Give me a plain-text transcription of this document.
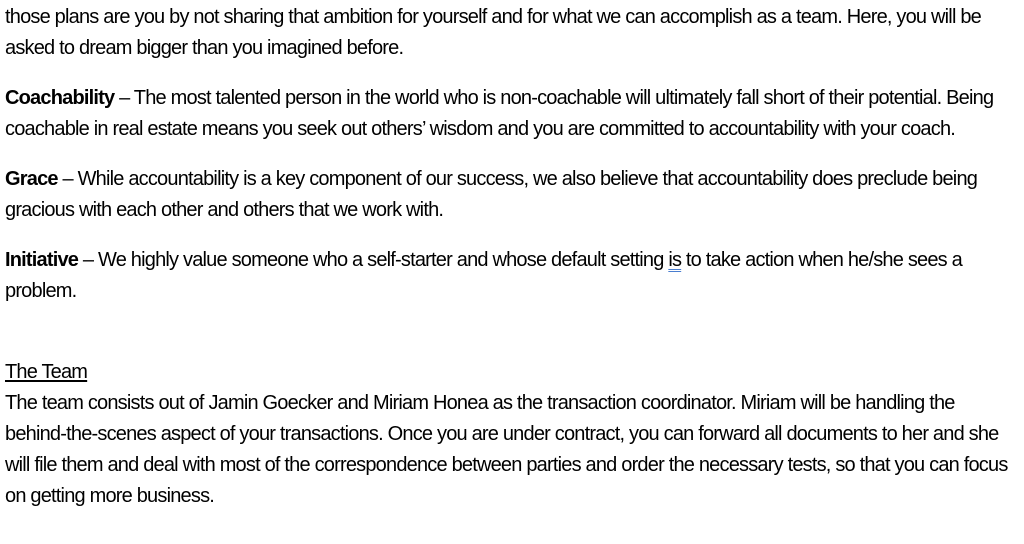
those plans are you by not sharing that ambition for yourself and for what we can accomplish as a team. Here, you will be asked to dream bigger than you imagined before.

Coachability – The most talented person in the world who is non-coachable will ultimately fall short of their potential. Being coachable in real estate means you seek out others’ wisdom and you are committed to accountability with your coach.

Grace – While accountability is a key component of our success, we also believe that accountability does preclude being gracious with each other and others that we work with.

Initiative – We highly value someone who a self-starter and whose default setting is to take action when he/she sees a problem.

The Team

The team consists out of Jamin Goecker and Miriam Honea as the transaction coordinator. Miriam will be handling the behind-the-scenes aspect of your transactions. Once you are under contract, you can forward all documents to her and she will file them and deal with most of the correspondence between parties and order the necessary tests, so that you can focus on getting more business.
